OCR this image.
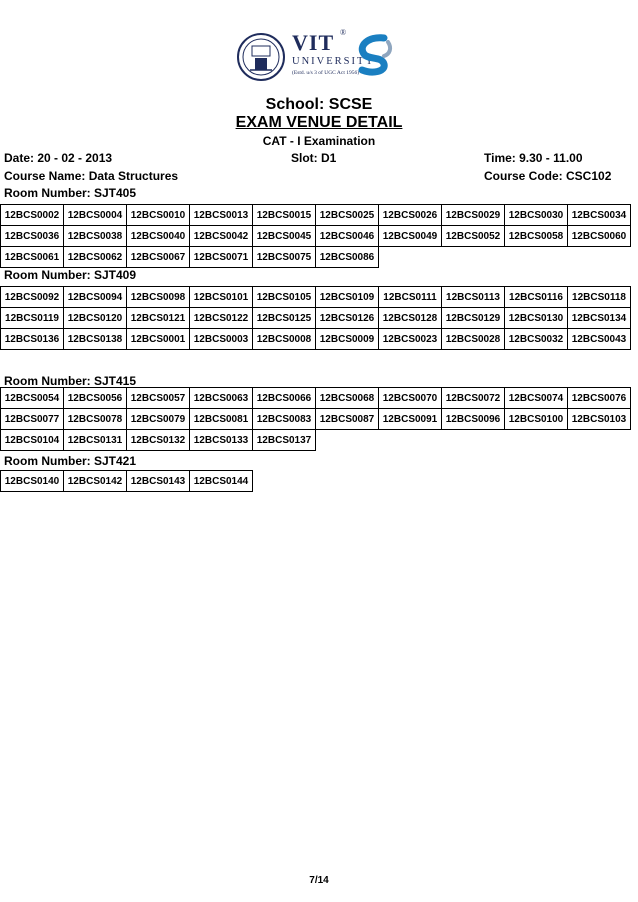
VIT ®

UNIVERSITY

(Estd. u/s 3 of UGC Act 1956)

School: SCSE

EXAM VENUE DETAIL

CAT - I Examination

Date: 20 - 02 - 2013	Slot: D1	Time: 9.30 - 11.00

Course Name: Data Structures	Course Code: CSC102

Room Number: SJT405

12BCS0002	12BCS0004	12BCS0010	12BCS0013	12BCS0015	12BCS0025	12BCS0026	12BCS0029	12BCS0030	12BCS0034
12BCS0036	12BCS0038	12BCS0040	12BCS0042	12BCS0045	12BCS0046	12BCS0049	12BCS0052	12BCS0058	12BCS0060
12BCS0061	12BCS0062	12BCS0067	12BCS0071	12BCS0075	12BCS0086				

Room Number: SJT409

12BCS0092	12BCS0094	12BCS0098	12BCS0101	12BCS0105	12BCS0109	12BCS0111	12BCS0113	12BCS0116	12BCS0118
12BCS0119	12BCS0120	12BCS0121	12BCS0122	12BCS0125	12BCS0126	12BCS0128	12BCS0129	12BCS0130	12BCS0134
12BCS0136	12BCS0138	12BCS0001	12BCS0003	12BCS0008	12BCS0009	12BCS0023	12BCS0028	12BCS0032	12BCS0043

Room Number: SJT415

12BCS0054	12BCS0056	12BCS0057	12BCS0063	12BCS0066	12BCS0068	12BCS0070	12BCS0072	12BCS0074	12BCS0076
12BCS0077	12BCS0078	12BCS0079	12BCS0081	12BCS0083	12BCS0087	12BCS0091	12BCS0096	12BCS0100	12BCS0103
12BCS0104	12BCS0131	12BCS0132	12BCS0133	12BCS0137					

Room Number: SJT421

12BCS0140	12BCS0142	12BCS0143	12BCS0144

7/14
